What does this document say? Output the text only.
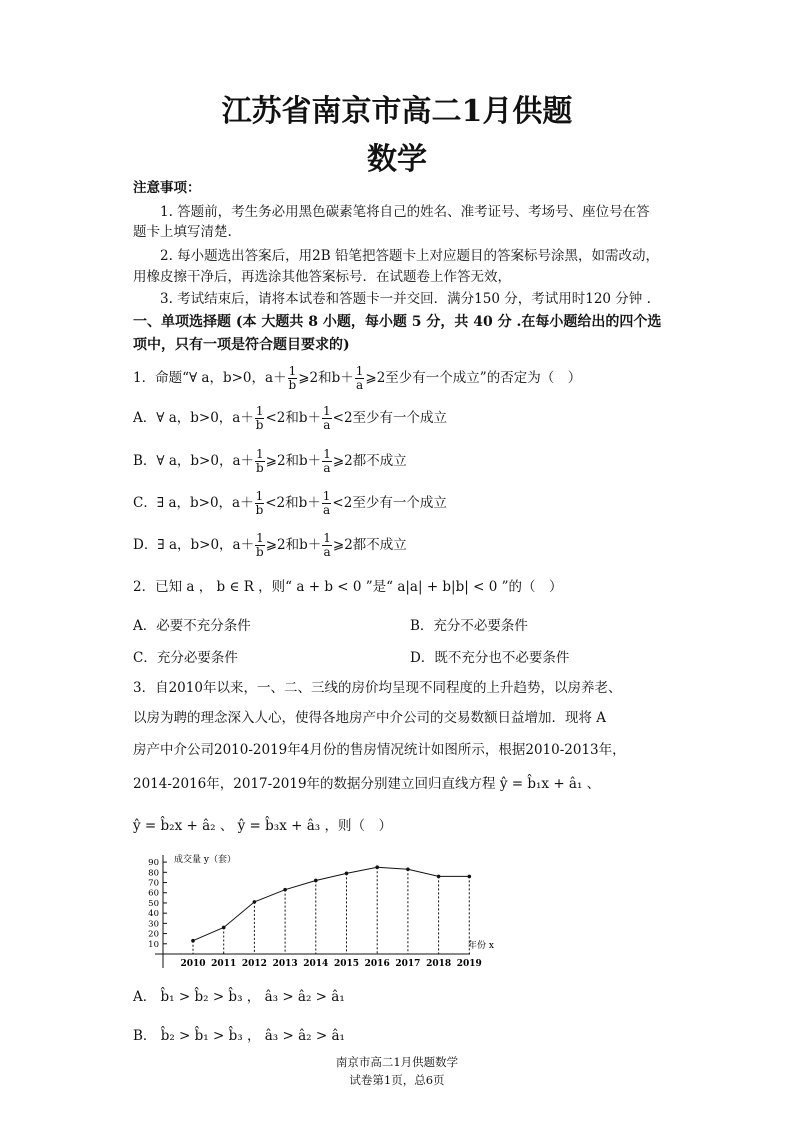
江苏省南京市高二1月供题
数学
注意事项：
1. 答题前，考生务必用黑色碳素笔将自己的姓名、准考证号、考场号、座位号在答
题卡上填写清楚.
2. 每小题选出答案后，用2B 铅笔把答题卡上对应题目的答案标号涂黑，如需改动，
用橡皮擦干净后，再选涂其他答案标号．在试题卷上作答无效，
3. 考试结束后，请将本试卷和答题卡一并交回．满分150 分，考试用时120 分钟 .
一、单项选择题 (本 大题共 8 小题，每小题 5 分，共 40 分 .在每小题给出的四个选
项中，只有一项是符合题目要求的)
1．命题“∀ a，b>0，$a+ \frac{1}{b}$ ⩾2和$b+ \frac{1}{a}$ ⩾2至少有一个成立”的否定为（　）
A．∀ a，b>0，$a+ \frac{1}{b} <2$和$b+ \frac{1}{a} <2$至少有一个成立
B．∀ a，b>0，$a+ \frac{1}{b}$ ⩾2和$b+ \frac{1}{a}$ ⩾2都不成立
C．∃ a，b>0，$a+ \frac{1}{b} <2$和$b+ \frac{1}{a} <2$至少有一个成立
D．∃ a，b>0，$a+ \frac{1}{b}$ ⩾2和$b+ \frac{1}{a}$ ⩾2都不成立
2．已知 a ， b ∈ R ，则“ a + b < 0 ”是“ a|a| + b|b| < 0 ”的（　）
A．必要不充分条件	B．充分不必要条件
C．充分必要条件	D．既不充分也不必要条件
3．自2010年以来，一、二、三线的房价均呈现不同程度的上升趋势，以房养老、
以房为聘的理念深入人心，使得各地房产中介公司的交易数额日益增加．现将 A
房产中介公司2010-2019年4月份的售房情况统计如图所示，根据2010-2013年，
2014-2016年，2017-2019年的数据分别建立回归直线方程 ŷ = b̂₁x + â₁ 、
ŷ = b̂₂x + â₂ 、 ŷ = b̂₃x + â₃ ，则（　）
成交量 y（套）
年份 x
10
20
30
40
50
60
70
80
90
2010 2011 2012 2013 2014 2015 2016 2017 2018 2019
A． b̂₁ > b̂₂ > b̂₃ ， â₃ > â₂ > â₁
B． b̂₂ > b̂₁ > b̂₃ ， â₃ > â₂ > â₁
南京市高二1月供题数学
试卷第1页，总6页
